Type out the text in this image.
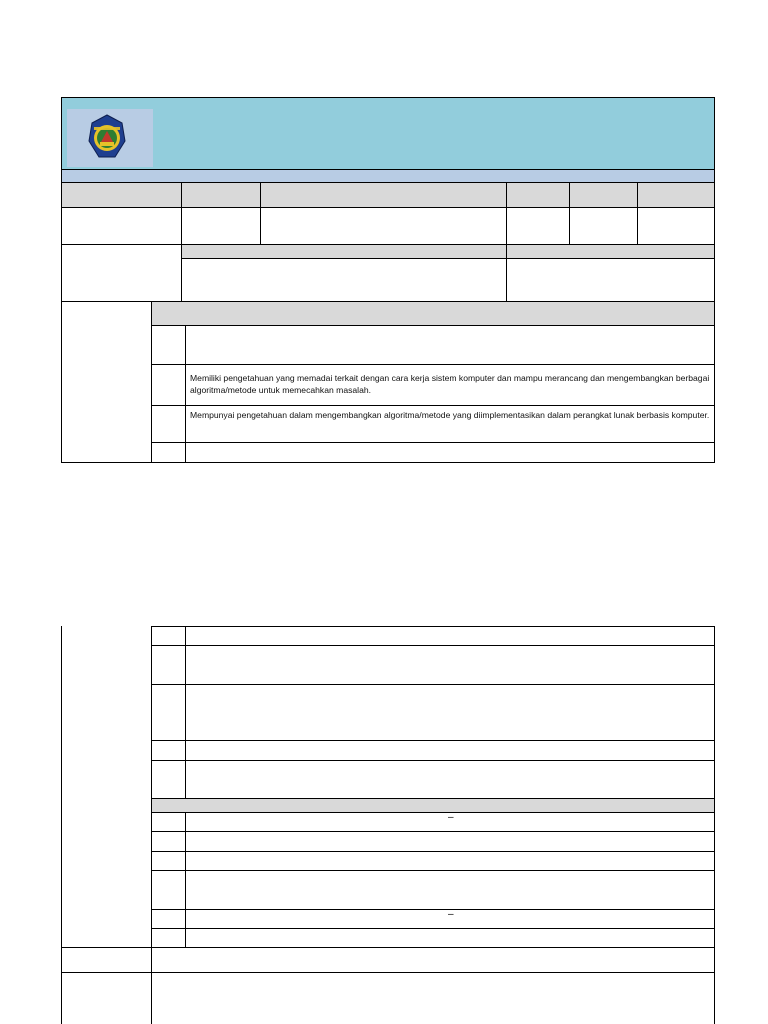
Memiliki pengetahuan yang memadai terkait dengan cara kerja sistem komputer dan mampu merancang dan mengembangkan berbagai algoritma/metode untuk memecahkan masalah.
Mempunyai pengetahuan dalam mengembangkan algoritma/metode yang diimplementasikan dalam perangkat lunak berbasis komputer.
–
–
